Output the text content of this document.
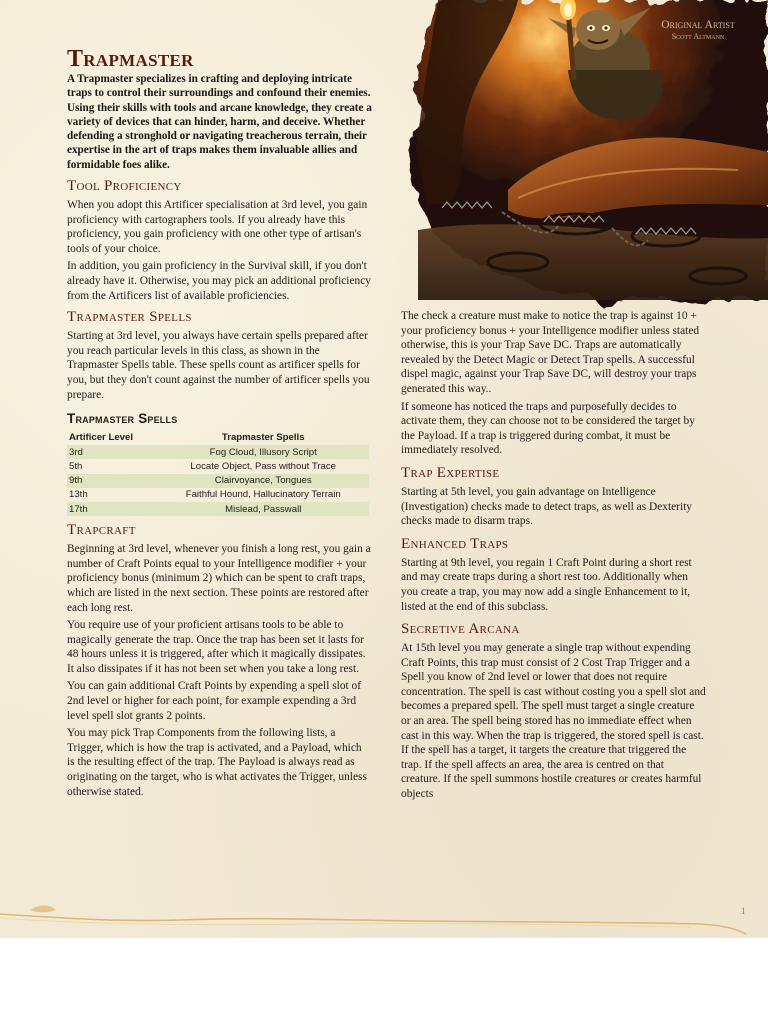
Original Artist
Scott Altmann
Trapmaster

A Trapmaster specializes in crafting and deploying intricate traps to control their surroundings and confound their enemies. Using their skills with tools and arcane knowledge, they create a variety of devices that can hinder, harm, and deceive. Whether defending a stronghold or navigating treacherous terrain, their expertise in the art of traps makes them invaluable allies and formidable foes alike.

Tool Proficiency

When you adopt this Artificer specialisation at 3rd level, you gain proficiency with cartographers tools. If you already have this proficiency, you gain proficiency with one other type of artisan's tools of your choice.

In addition, you gain proficiency in the Survival skill, if you don't already have it. Otherwise, you may pick an additional proficiency from the Artificers list of available proficiencies.

Trapmaster Spells

Starting at 3rd level, you always have certain spells prepared after you reach particular levels in this class, as shown in the Trapmaster Spells table. These spells count as artificer spells for you, but they don't count against the number of artificer spells you prepare.

Trapmaster Spells
Artificer Level	Trapmaster Spells
3rd	Fog Cloud, Illusory Script
5th	Locate Object, Pass without Trace
9th	Clairvoyance, Tongues
13th	Faithful Hound, Hallucinatory Terrain
17th	Mislead, Passwall
Trapcraft

Beginning at 3rd level, whenever you finish a long rest, you gain a number of Craft Points equal to your Intelligence modifier + your proficiency bonus (minimum 2) which can be spent to craft traps, which are listed in the next section. These points are restored after each long rest.

You require use of your proficient artisans tools to be able to magically generate the trap. Once the trap has been set it lasts for 48 hours unless it is triggered, after which it magically dissipates. It also dissipates if it has not been set when you take a long rest.

You can gain additional Craft Points by expending a spell slot of 2nd level or higher for each point, for example expending a 3rd level spell slot grants 2 points.

You may pick Trap Components from the following lists, a Trigger, which is how the trap is activated, and a Payload, which is the resulting effect of the trap. The Payload is always read as originating on the target, who is what activates the Trigger, unless otherwise stated.

The check a creature must make to notice the trap is against 10 + your proficiency bonus + your Intelligence modifier unless stated otherwise, this is your Trap Save DC. Traps are automatically revealed by the Detect Magic or Detect Trap spells. A successful dispel magic, against your Trap Save DC, will destroy your traps generated this way..

If someone has noticed the traps and purposefully decides to activate them, they can choose not to be considered the target by the Payload. If a trap is triggered during combat, it must be immediately resolved.

Trap Expertise

Starting at 5th level, you gain advantage on Intelligence (Investigation) checks made to detect traps, as well as Dexterity checks made to disarm traps.

Enhanced Traps

Starting at 9th level, you regain 1 Craft Point during a short rest and may create traps during a short rest too. Additionally when you create a trap, you may now add a single Enhancement to it, listed at the end of this subclass.

Secretive Arcana

At 15th level you may generate a single trap without expending Craft Points, this trap must consist of 2 Cost Trap Trigger and a Spell you know of 2nd level or lower that does not require concentration. The spell is cast without costing you a spell slot and becomes a prepared spell. The spell must target a single creature or an area. The spell being stored has no immediate effect when cast in this way. When the trap is triggered, the stored spell is cast. If the spell has a target, it targets the creature that triggered the trap. If the spell affects an area, the area is centred on that creature. If the spell summons hostile creatures or creates harmful objects

1
